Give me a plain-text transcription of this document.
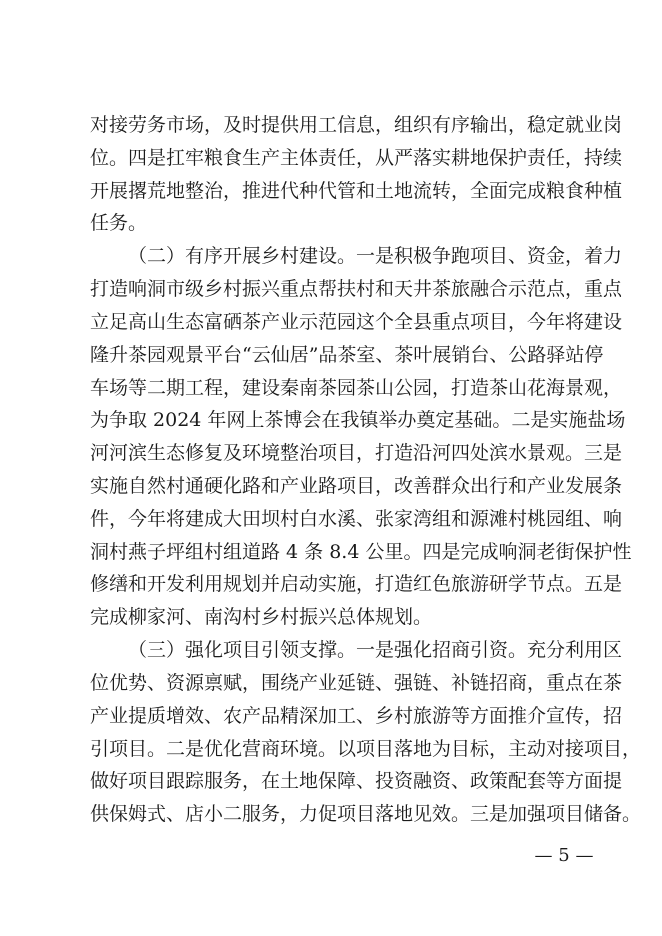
对接劳务市场，及时提供用工信息，组织有序输出，稳定就业岗
位。四是扛牢粮食生产主体责任，从严落实耕地保护责任，持续
开展撂荒地整治，推进代种代管和土地流转，全面完成粮食种植
任务。
（二）有序开展乡村建设。一是积极争跑项目、资金，着力
打造响洞市级乡村振兴重点帮扶村和天井茶旅融合示范点，重点
立足高山生态富硒茶产业示范园这个全县重点项目，今年将建设
隆升茶园观景平台“云仙居”品茶室、茶叶展销台、公路驿站停
车场等二期工程，建设秦南茶园茶山公园，打造茶山花海景观，
为争取 2024 年网上茶博会在我镇举办奠定基础。二是实施盐场
河河滨生态修复及环境整治项目，打造沿河四处滨水景观。三是
实施自然村通硬化路和产业路项目，改善群众出行和产业发展条
件，今年将建成大田坝村白水溪、张家湾组和源滩村桃园组、响
洞村燕子坪组村组道路 4 条 8.4 公里。四是完成响洞老街保护性
修缮和开发利用规划并启动实施，打造红色旅游研学节点。五是
完成柳家河、南沟村乡村振兴总体规划。
（三）强化项目引领支撑。一是强化招商引资。充分利用区
位优势、资源禀赋，围绕产业延链、强链、补链招商，重点在茶
产业提质增效、农产品精深加工、乡村旅游等方面推介宣传，招
引项目。二是优化营商环境。以项目落地为目标，主动对接项目，
做好项目跟踪服务，在土地保障、投资融资、政策配套等方面提
供保姆式、店小二服务，力促项目落地见效。三是加强项目储备。
— 5 —
